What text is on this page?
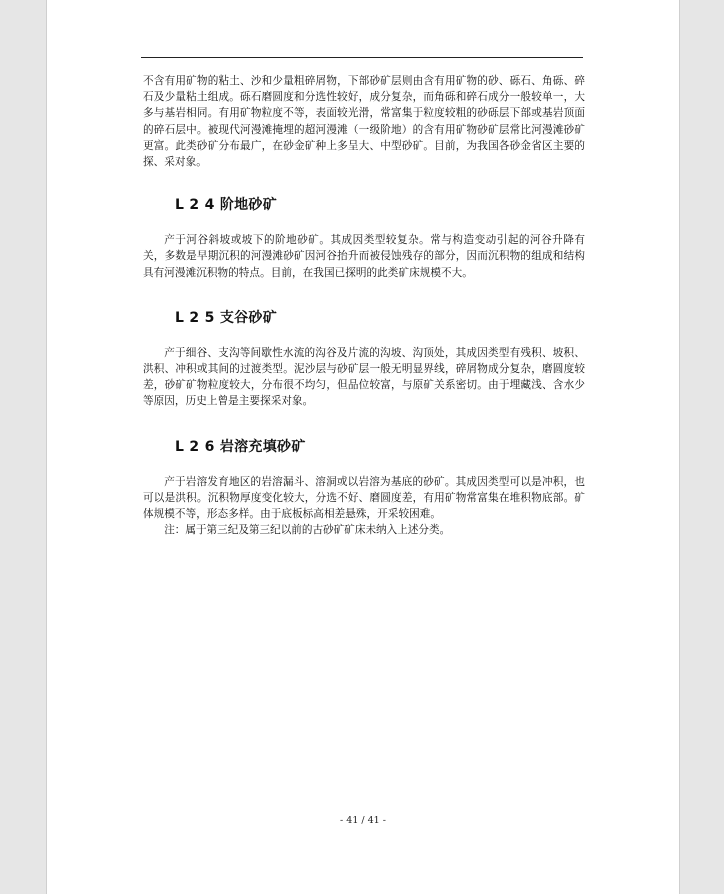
不含有用矿物的粘土、沙和少量粗碎屑物，下部砂矿层则由含有用矿物的砂、砾石、角砾、碎石及少量粘土组成。砾石磨圆度和分选性较好，成分复杂，而角砾和碎石成分一般较单一，大多与基岩相同。有用矿物粒度不等，表面较光滑，常富集于粒度较粗的砂砾层下部或基岩顶面的碎石层中。被现代河漫滩掩埋的超河漫滩（一级阶地）的含有用矿物砂矿层常比河漫滩砂矿更富。此类砂矿分布最广，在砂金矿种上多呈大、中型砂矿。目前，为我国各砂金省区主要的探、采对象。

L 2 4 阶地砂矿

产于河谷斜坡或坡下的阶地砂矿。其成因类型较复杂。常与构造变动引起的河谷升降有关，多数是早期沉积的河漫滩砂矿因河谷抬升而被侵蚀残存的部分，因而沉积物的组成和结构具有河漫滩沉积物的特点。目前，在我国已探明的此类矿床规模不大。

L 2 5 支谷砂矿

产于细谷、支沟等间歇性水流的沟谷及片流的沟坡、沟顶处，其成因类型有残积、坡积、洪积、冲积或其间的过渡类型。泥沙层与砂矿层一般无明显界线，碎屑物成分复杂，磨圆度较差，砂矿矿物粒度较大，分布很不均匀，但品位较富，与原矿关系密切。由于埋藏浅、含水少等原因，历史上曾是主要探采对象。

L 2 6 岩溶充填砂矿

产于岩溶发育地区的岩溶漏斗、溶洞或以岩溶为基底的砂矿。其成因类型可以是冲积，也可以是洪积。沉积物厚度变化较大，分选不好、磨圆度差，有用矿物常富集在堆积物底部。矿体规模不等，形态多样。由于底板标高相差悬殊，开采较困难。

注：属于第三纪及第三纪以前的古砂矿矿床未纳入上述分类。

- 41 / 41 -
